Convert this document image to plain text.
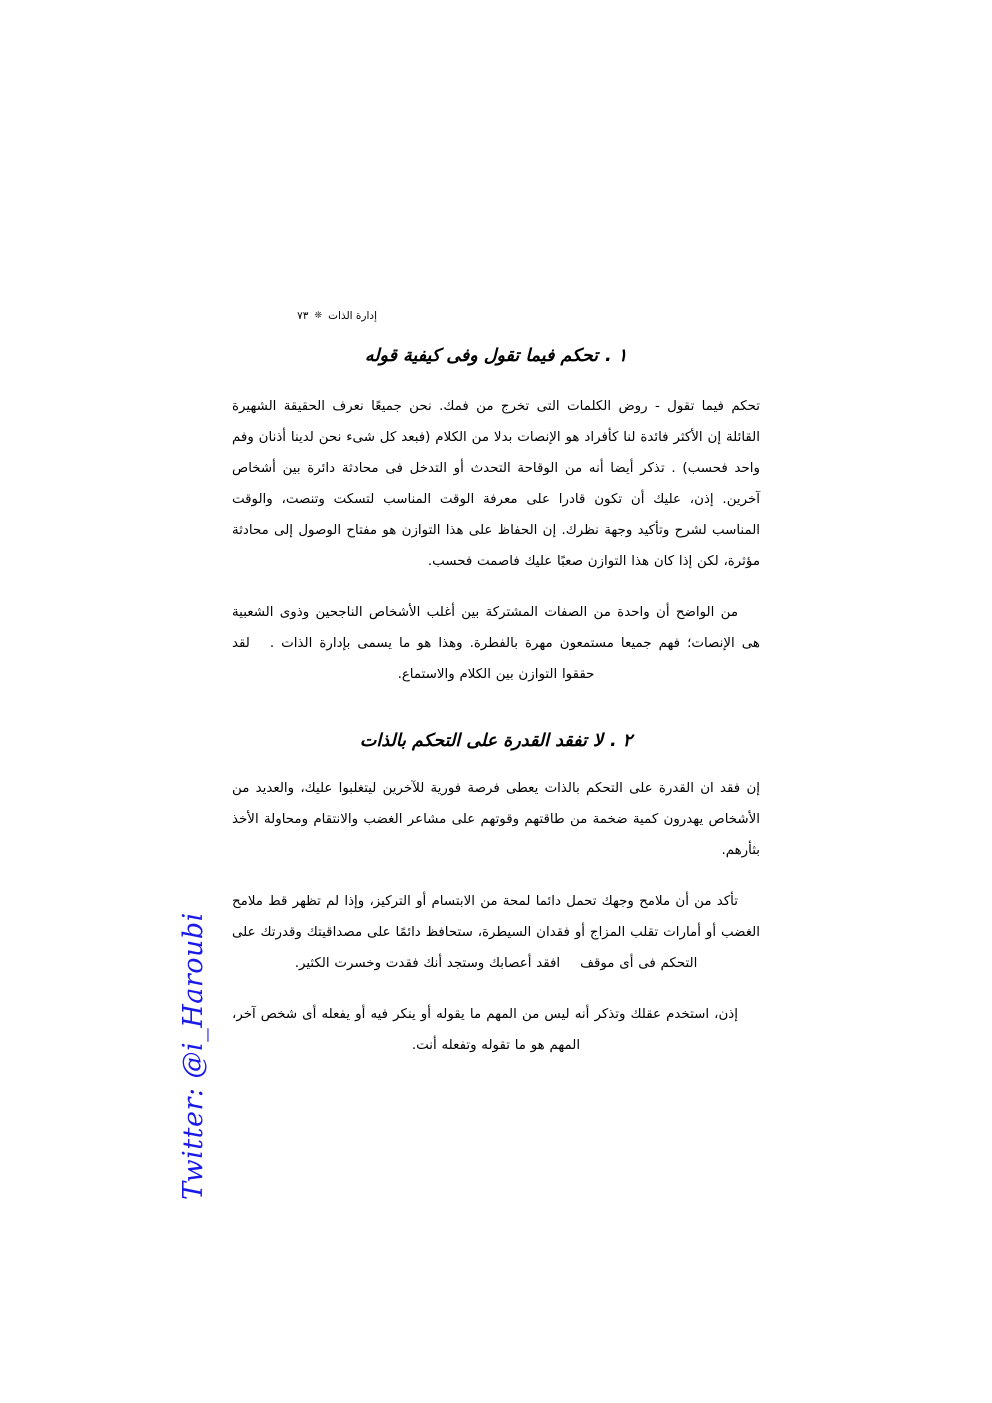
إدارة الذات❊٧٣
١ .تحكم فيما تقول وفى كيفية قوله

تحكم فيما تقول - روض الكلمات التى تخرج من فمك. نحن جميعًا نعرف الحقيقة الشهيرة القائلة إن الأكثر فائدة لنا كأفراد هو الإنصات بدلا من الكلام (فبعد كل شىء نحن لدينا أذنان وفم واحد فحسب) . تذكر أيضا أنه من الوقاحة التحدث أو التدخل فى محادثة دائرة بين أشخاص آخرين. إذن، عليك أن تكون قادرا على معرفة الوقت المناسب لتسكت وتنصت، والوقت المناسب لشرح وتأكيد وجهة نظرك. إن الحفاظ على هذا التوازن هو مفتاح الوصول إلى محادثة مؤثرة، لكن إذا كان هذا التوازن صعبًا عليك فاصمت فحسب.

من الواضح أن واحدة من الصفات المشتركة بين أغلب الأشخاص الناجحين وذوى الشعبية هى الإنصات؛ فهم جميعا مستمعون مهرة بالفطرة. وهذا هو ما يسمى بإدارة الذات .لقد حققوا التوازن بين الكلام والاستماع.

٢ .لا تفقد القدرة على التحكم بالذات

إن فقد ان القدرة على التحكم بالذات يعطى فرصة فورية للآخرين ليتغلبوا عليك، والعديد من الأشخاص يهدرون كمية ضخمة من طاقتهم وقوتهم على مشاعر الغضب والانتقام ومحاولة الأخذ بثأرهم.

تأكد من أن ملامح وجهك تحمل دائما لمحة من الابتسام أو التركيز، وإذا لم تظهر قط ملامح الغضب أو أمارات تقلب المزاج أو فقدان السيطرة، ستحافظ دائمًا على مصداقيتك وقدرتك على التحكم فى أى موقفافقد أعصابك وستجد أنك فقدت وخسرت الكثير.

إذن، استخدم عقلك وتذكر أنه ليس من المهم ما يقوله أو ينكر فيه أو يفعله أى شخص آخر، المهم هو ما تقوله وتفعله أنت.

Twitter: @i_Haroubi
